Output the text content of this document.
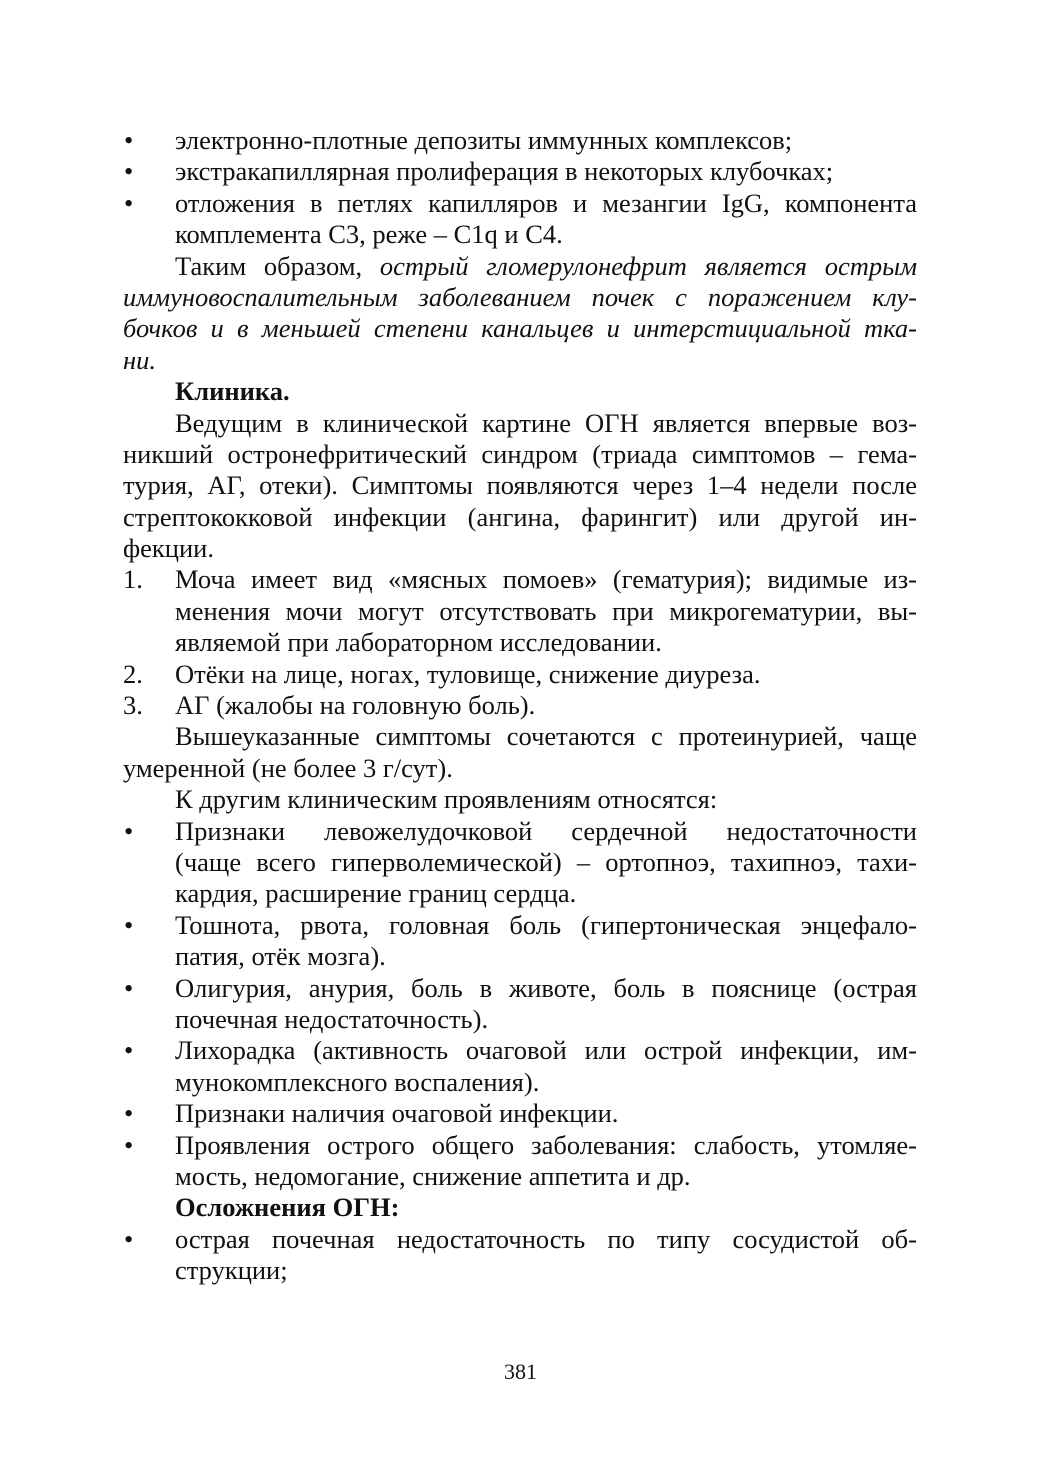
• электронно-плотные депозиты иммунных комплексов;
• экстракапиллярная пролиферация в некоторых клубочках;
• отложения в петлях капилляров и мезангии IgG, компонента
комплемента С3, реже – С1q и С4.
Таким образом, острый гломерулонефрит является острым
иммуновоспалительным заболеванием почек с поражением клу-
бочков и в меньшей степени канальцев и интерстициальной тка-
ни.
Клиника.
Ведущим в клинической картине ОГН является впервые воз-
никший остронефритический синдром (триада симптомов – гема-
турия, АГ, отеки). Симптомы появляются через 1–4 недели после
стрептококковой инфекции (ангина, фарингит) или другой ин-
фекции.
1. Моча имеет вид «мясных помоев» (гематурия); видимые из-
менения мочи могут отсутствовать при микрогематурии, вы-
являемой при лабораторном исследовании.
2. Отёки на лице, ногах, туловище, снижение диуреза.
3. АГ (жалобы на головную боль).
Вышеуказанные симптомы сочетаются с протеинурией, чаще
умеренной (не более 3 г/сут).
К другим клиническим проявлениям относятся:
• Признаки левожелудочковой сердечной недостаточности
(чаще всего гиперволемической) – ортопноэ, тахипноэ, тахи-
кардия, расширение границ сердца.
• Тошнота, рвота, головная боль (гипертоническая энцефало-
патия, отёк мозга).
• Олигурия, анурия, боль в животе, боль в пояснице (острая
почечная недостаточность).
• Лихорадка (активность очаговой или острой инфекции, им-
мунокомплексного воспаления).
• Признаки наличия очаговой инфекции.
• Проявления острого общего заболевания: слабость, утомляе-
мость, недомогание, снижение аппетита и др.
Осложнения ОГН:
• острая почечная недостаточность по типу сосудистой об-
струкции;
381
